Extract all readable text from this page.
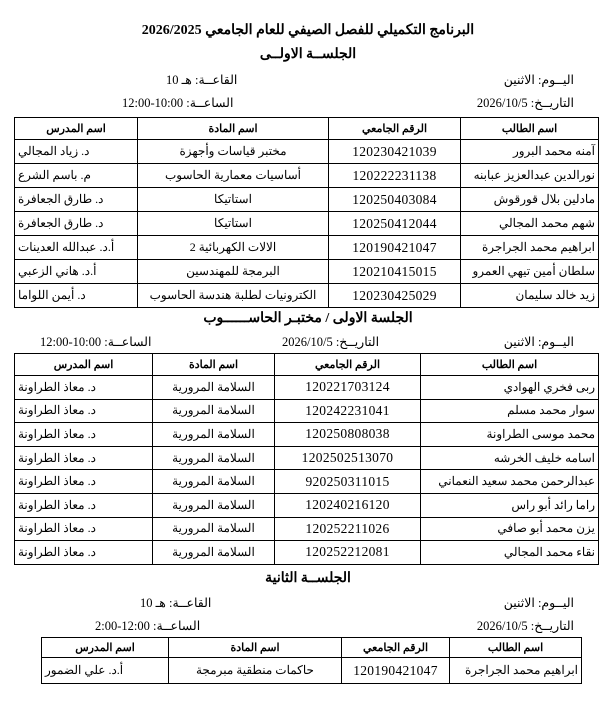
البرنامج التكميلي للفصل الصيفي للعام الجامعي 2026/2025
الجلســة الاولــى
اليــوم: الاثنين
القاعــة: هـ 10
التاريــخ: 2026/10/5
الساعــة: 10:00-12:00
اسم الطالب	الرقم الجامعي	اسم المادة	اسم المدرس
آمنه محمد البرور	120230421039	مختبر قياسات وأجهزة	د. زياد المجالي
نورالدين عبدالعزيز عبابنه	120222231138	أساسيات معمارية الحاسوب	م. باسم الشرع
مادلين بلال قورقوش	120250403084	استاتيكا	د. طارق الجعافرة
شهم محمد المجالي	120250412044	استاتيكا	د. طارق الجعافرة
ابراهيم محمد الجراجرة	120190421047	الالات الكهربائية 2	أ.د. عبدالله العدينات
سلطان أمين تيهي العمرو	120210415015	البرمجة للمهندسين	أ.د. هاني الزعبي
زيد خالد سليمان	120230425029	الكترونيات لطلبة هندسة الحاسوب	د. أيمن اللواما
الجلسة الاولى / مختبـر الحاســــــوب
اليــوم: الاثنين
التاريــخ: 2026/10/5
الساعــة: 10:00-12:00
اسم الطالب	الرقم الجامعي	اسم المادة	اسم المدرس
ربى فخري الهوادي	120221703124	السلامة المرورية	د. معاذ الطراونة
سوار محمد مسلم	120242231041	السلامة المرورية	د. معاذ الطراونة
محمد موسى الطراونة	120250808038	السلامة المرورية	د. معاذ الطراونة
اسامه خليف الخرشه	1202502513070	السلامة المرورية	د. معاذ الطراونة
عبدالرحمن محمد سعيد النعماني	920250311015	السلامة المرورية	د. معاذ الطراونة
راما رائد أبو راس	120240216120	السلامة المرورية	د. معاذ الطراونة
يزن محمد أبو صافي	120252211026	السلامة المرورية	د. معاذ الطراونة
نقاء محمد المجالي	120252212081	السلامة المرورية	د. معاذ الطراونة
الجلســة الثانية
اليــوم: الاثنين
القاعــة: هـ 10
التاريــخ: 2026/10/5
الساعــة: 12:00-2:00
اسم الطالب	الرقم الجامعي	اسم المادة	اسم المدرس
ابراهيم محمد الجراجرة	120190421047	حاكمات منطقية مبرمجة	أ.د. علي الضمور
